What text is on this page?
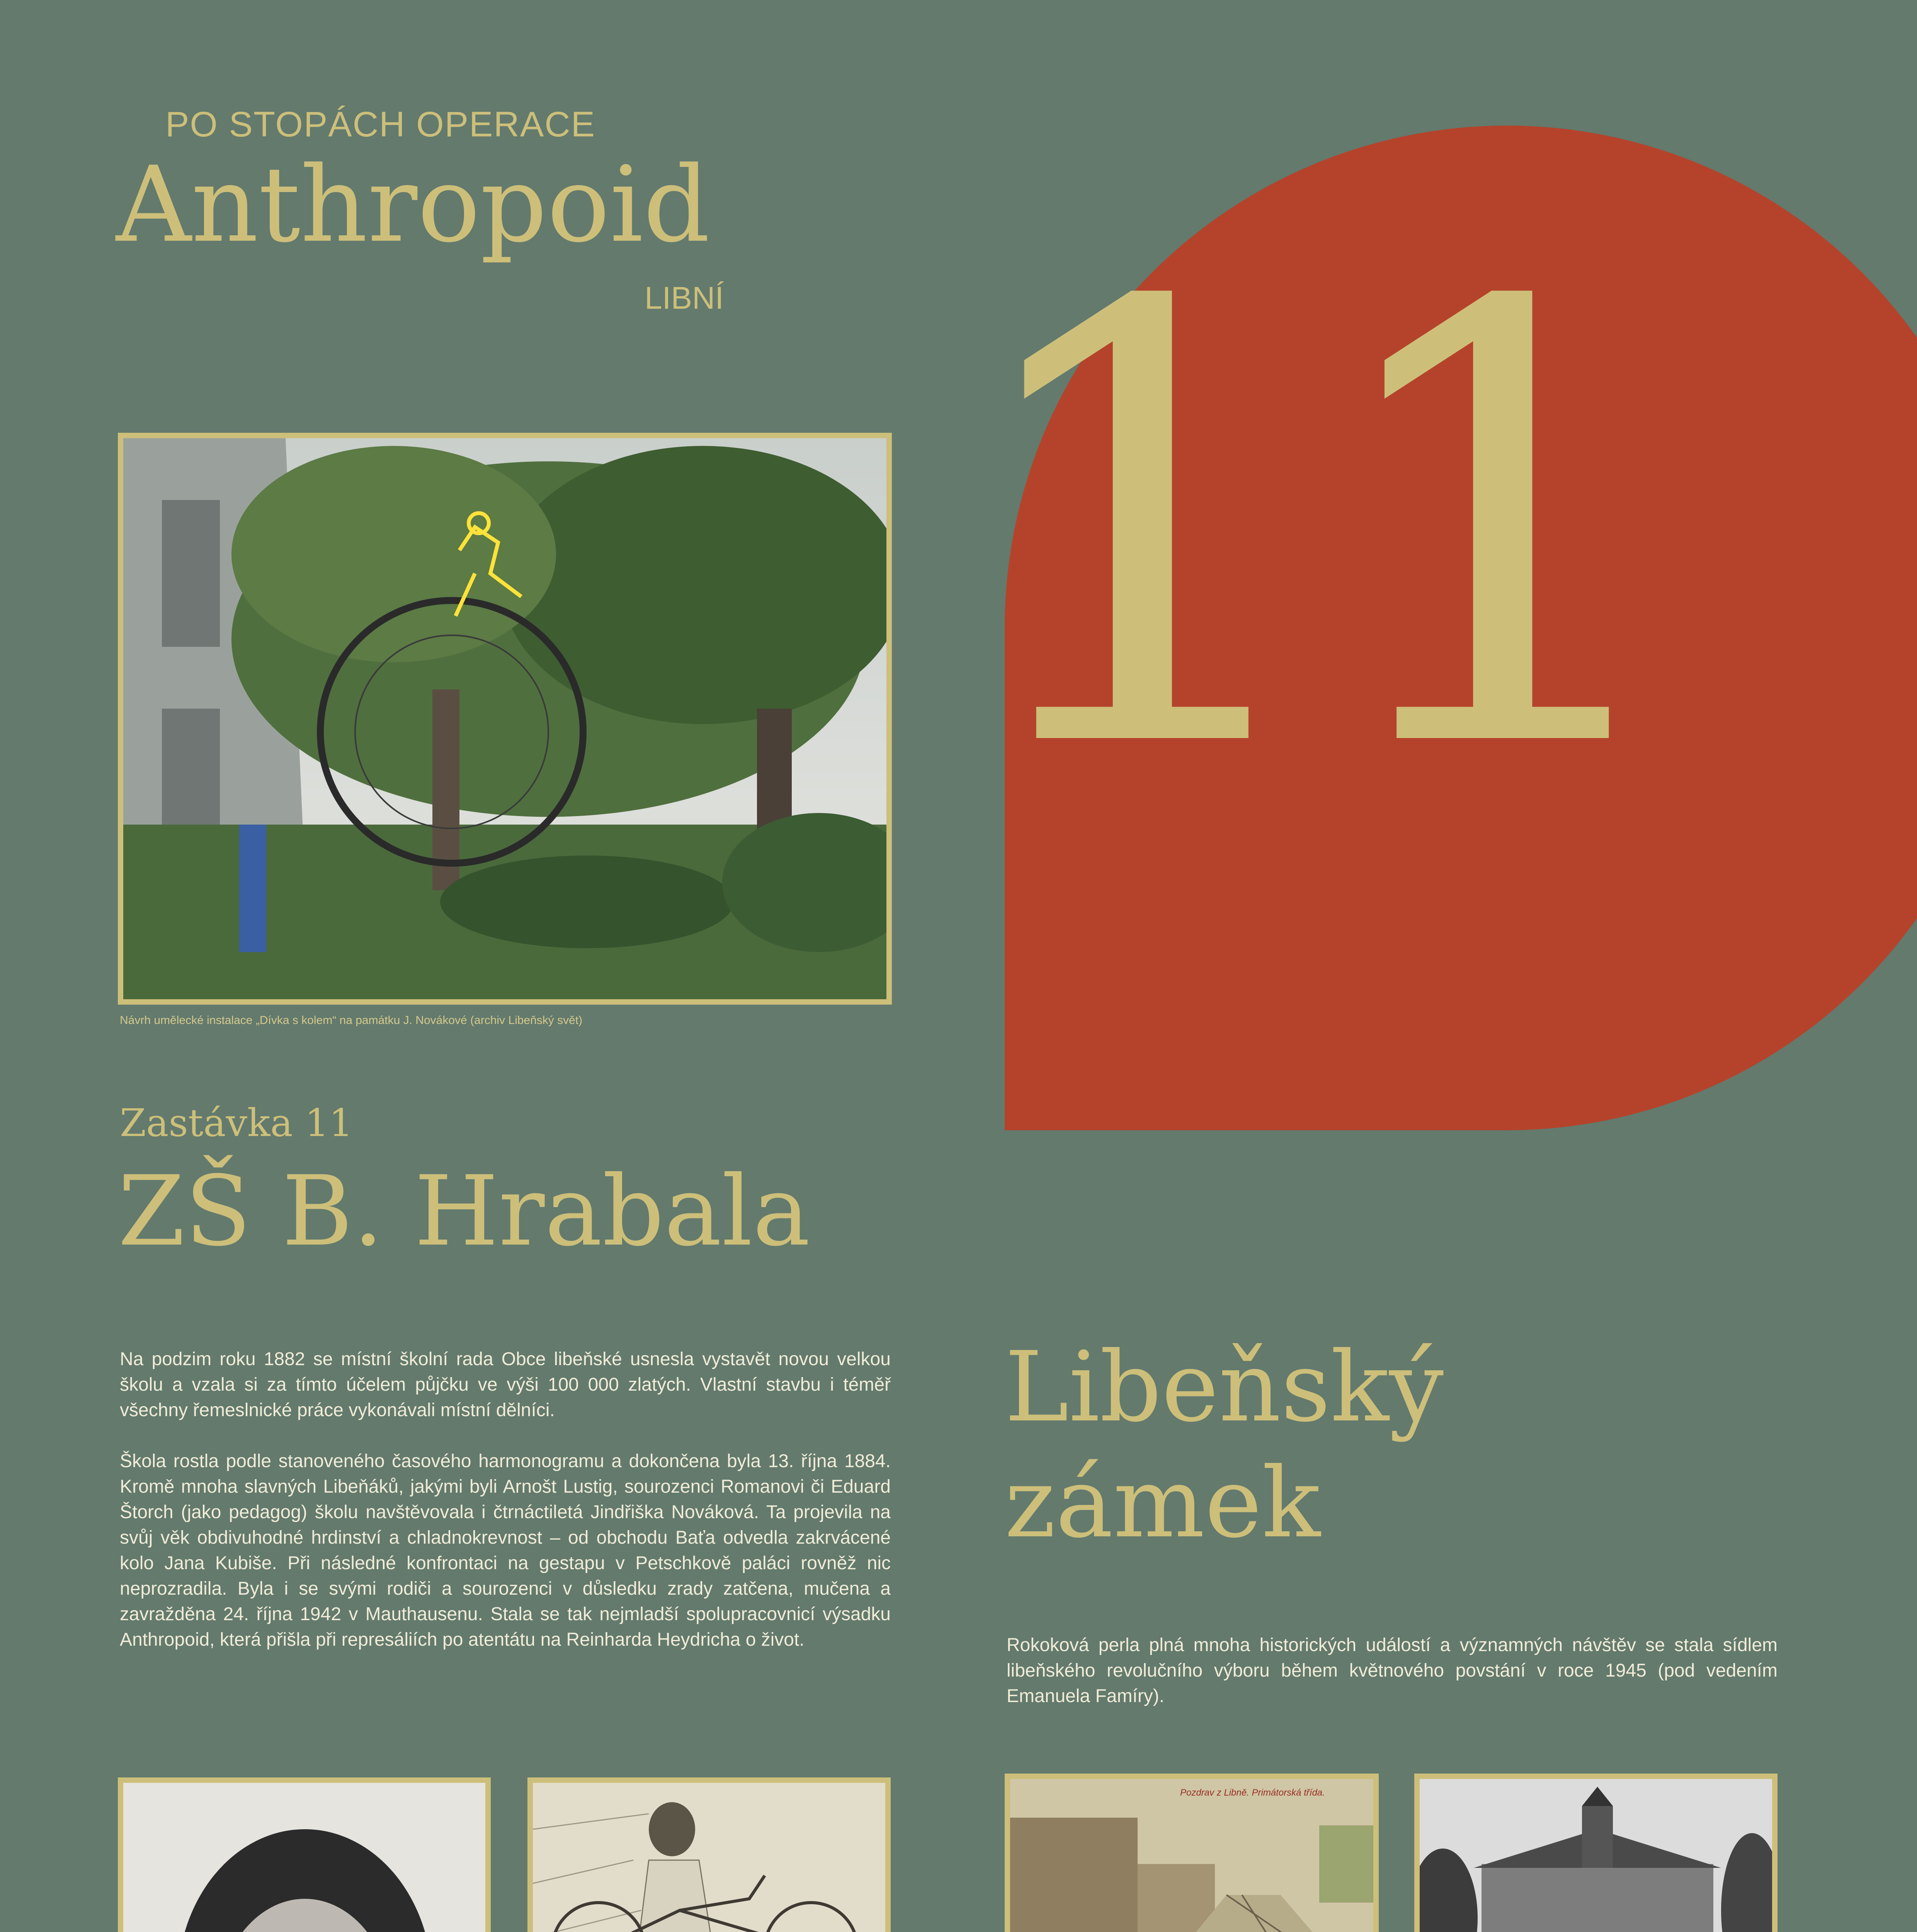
PO STOPÁCH OPERACE
Anthropoid
LIBNÍ 11
Návrh umělecké instalace „Dívka s kolem“ na památku J. Novákové (archiv Libeňský svět)
Zastávka 11
ZŠ B. Hrabala

Na podzim roku 1882 se místní školní rada Obce libeňské usnesla vystavět novou velkou školu a vzala si za tímto účelem půjčku ve výši 100 000 zlatých. Vlastní stavbu i téměř všechny řemeslnické práce vykonávali místní dělníci.

Škola rostla podle stanoveného časového harmonogramu a dokončena byla 13. října 1884. Kromě mnoha slavných Libeňáků, jakými byli Arnošt Lustig, sourozenci Romanovi či Eduard Štorch (jako pedagog) školu navštěvovala i čtrnáctiletá Jindřiška Nováková. Ta projevila na svůj věk obdivuhodné hrdinství a chladnokrevnost – od obchodu Baťa odvedla zakrvácené kolo Jana Kubiše. Při následné konfrontaci na gestapu v Petschkově paláci rovněž nic neprozradila. Byla i se svými rodiči a sourozenci v důsledku zrady zatčena, mučena a zavražděna 24. října 1942 v Mauthausenu. Stala se tak nejmladší spolupracovnicí výsadku Anthropoid, která přišla při represáliích po atentátu na Reinharda Heydricha o život.

Libeňský
zámek
Rokoková perla plná mnoha historických událostí a významných návštěv se stala sídlem libeňského revolučního výboru během květnového povstání v roce 1945 (pod vedením Emanuela Famíry).
Pozdrav z Libně. Primátorská třída.
